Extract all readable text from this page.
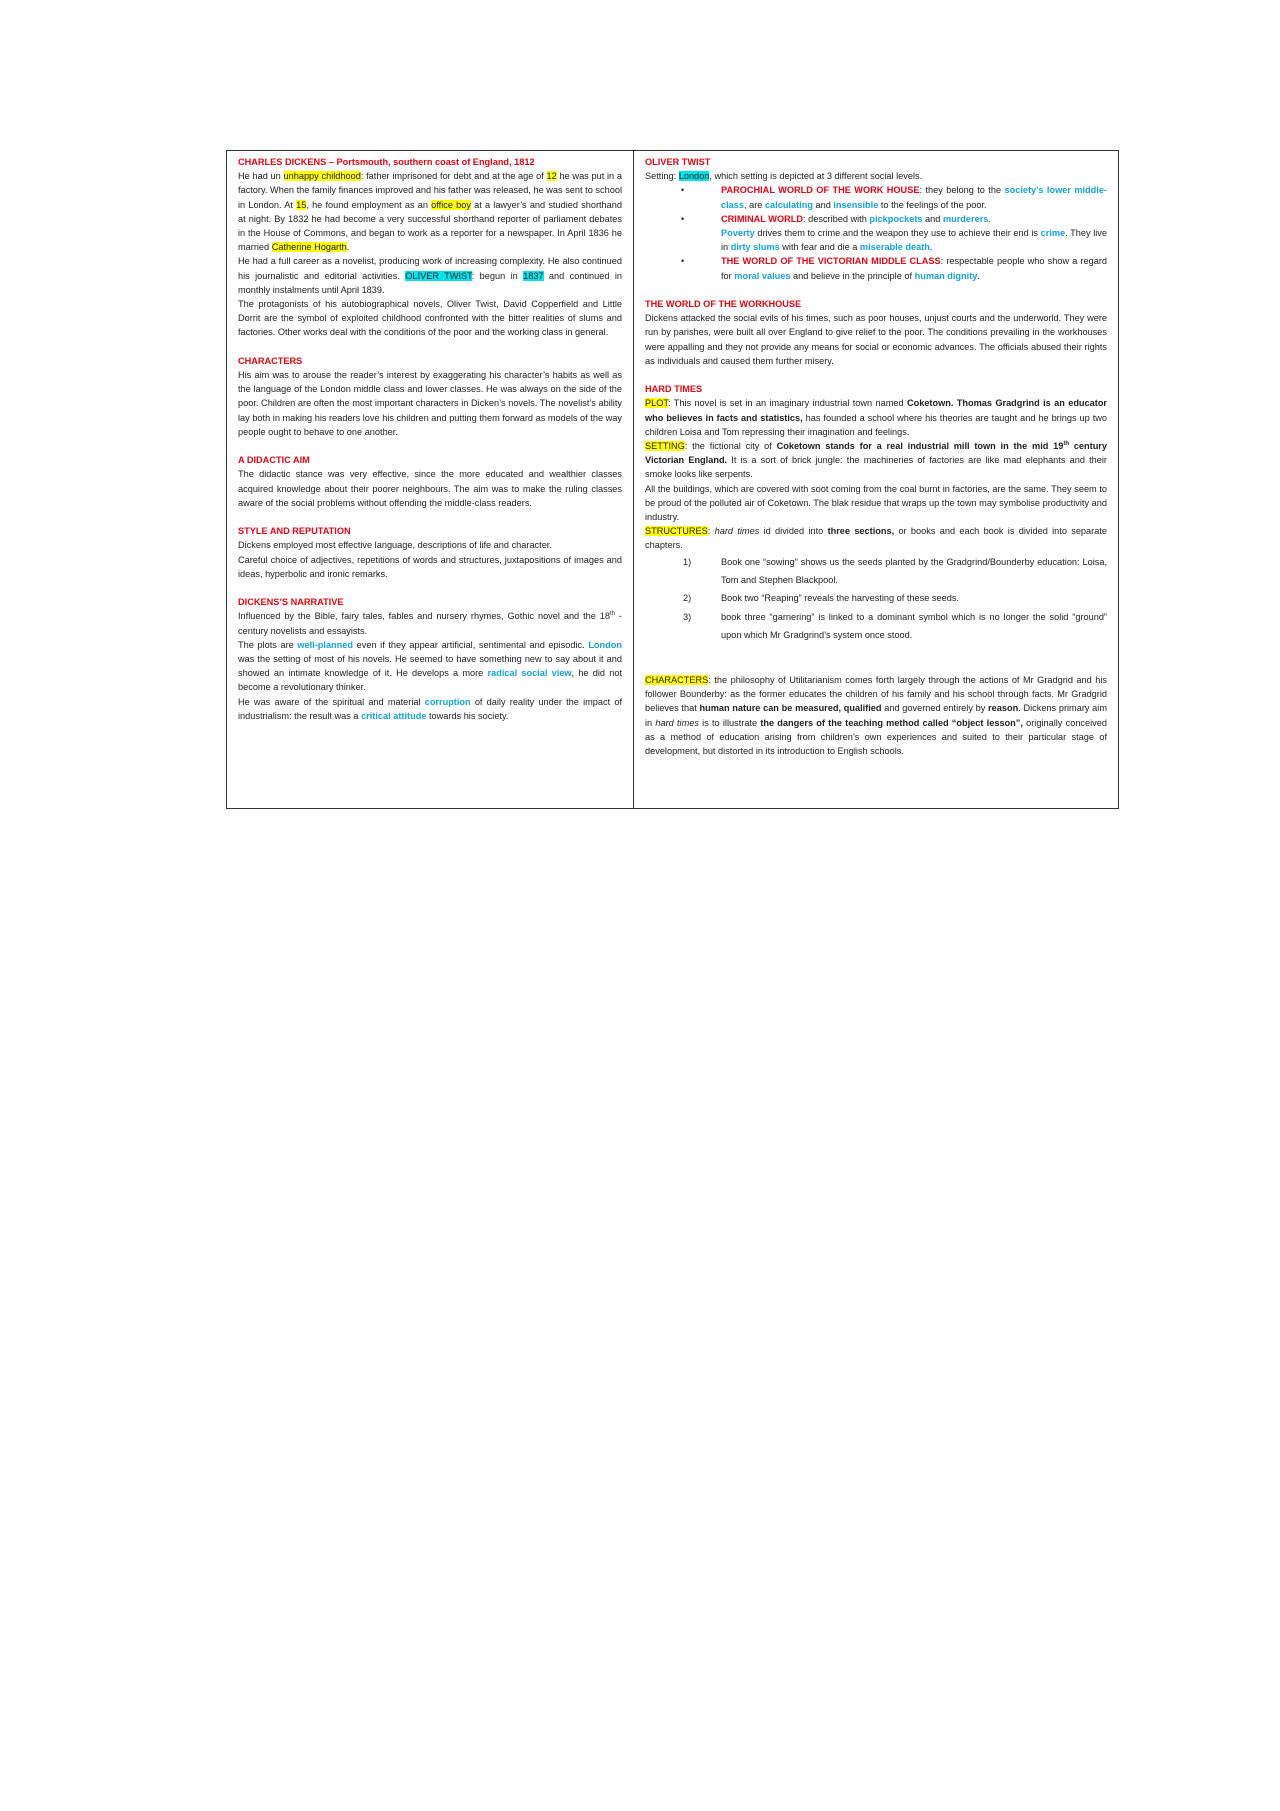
CHARLES DICKENS – Portsmouth, southern coast of England, 1812

He had un unhappy childhood: father imprisoned for debt and at the age of 12 he was put in a factory. When the family finances improved and his father was released, he was sent to school in London. At 15, he found employment as an office boy at a lawyer’s and studied shorthand at night. By 1832 he had become a very successful shorthand reporter of parliament debates in the House of Commons, and began to work as a reporter for a newspaper. In April 1836 he married Catherine Hogarth.

He had a full career as a novelist, producing work of increasing complexity. He also continued his journalistic and editorial activities. OLIVER TWIST: begun in 1837 and continued in monthly instalments until April 1839.

The protagonists of his autobiographical novels, Oliver Twist, David Copperfield and Little Dorrit are the symbol of exploited childhood confronted with the bitter realities of slums and factories. Other works deal with the conditions of the poor and the working class in general.

CHARACTERS

His aim was to arouse the reader’s interest by exaggerating his character’s habits as well as the language of the London middle class and lower classes. He was always on the side of the poor. Children are often the most important characters in Dicken’s novels. The novelist’s ability lay both in making his readers love his children and putting them forward as models of the way people ought to behave to one another.

A DIDACTIC AIM

The didactic stance was very effective, since the more educated and wealthier classes acquired knowledge about their poorer neighbours. The aim was to make the ruling classes aware of the social problems without offending the middle-class readers.

STYLE AND REPUTATION

Dickens employed most effective language, descriptions of life and character.

Careful choice of adjectives, repetitions of words and structures, juxtapositions of images and ideas, hyperbolic and ironic remarks.

DICKENS’S NARRATIVE

Influenced by the Bible, fairy tales, fables and nursery rhymes, Gothic novel and the 18th -century novelists and essayists.

The plots are well-planned even if they appear artificial, sentimental and episodic. London was the setting of most of his novels. He seemed to have something new to say about it and showed an intimate knowledge of it. He develops a more radical social view, he did not become a revolutionary thinker.

He was aware of the spiritual and material corruption of daily reality under the impact of industrialism: the result was a critical attitude towards his society.

OLIVER TWIST

Setting: London, which setting is depicted at 3 different social levels.

•	PAROCHIAL WORLD OF THE WORK HOUSE: they belong to the society’s lower middle-class, are calculating and insensible to the feelings of the poor.
•	CRIMINAL WORLD: described with pickpockets and murderers.
Poverty drives them to crime and the weapon they use to achieve their end is crime. They live in dirty slums with fear and die a miserable death.
•	THE WORLD OF THE VICTORIAN MIDDLE CLASS: respectable people who show a regard for moral values and believe in the principle of human dignity.

THE WORLD OF THE WORKHOUSE

Dickens attacked the social evils of his times, such as poor houses, unjust courts and the underworld. They were run by parishes, were built all over England to give relief to the poor. The conditions prevailing in the workhouses were appalling and they not provide any means for social or economic advances. The officials abused their rights as individuals and caused them further misery.

HARD TIMES

PLOT: This novel is set in an imaginary industrial town named Coketown. Thomas Gradgrind is an educator who believes in facts and statistics, has founded a school where his theories are taught and he brings up two children Loisa and Tom repressing their imagination and feelings.

SETTING: the fictional city of Coketown stands for a real industrial mill town in the mid 19th century Victorian England. It is a sort of brick jungle: the machineries of factories are like mad elephants and their smoke looks like serpents.

All the buildings, which are covered with soot coming from the coal burnt in factories, are the same. They seem to be proud of the polluted air of Coketown. The blak residue that wraps up the town may symbolise productivity and industry.

STRUCTURES: hard times id divided into three sections, or books and each book is divided into separate chapters.

1)	Book one “sowing” shows us the seeds planted by the Gradgrind/Bounderby education: Loisa, Tom and Stephen Blackpool.
2)	Book two “Reaping” reveals the harvesting of these seeds.
3)	book three “garnering” is linked to a dominant symbol which is no longer the solid “ground” upon which Mr Gradgrind’s system once stood.

CHARACTERS: the philosophy of Utilitarianism comes forth largely through the actions of Mr Gradgrid and his follower Bounderby: as the former educates the children of his family and his school through facts. Mr Gradgrid believes that human nature can be measured, qualified and governed entirely by reason. Dickens primary aim in hard times is to illustrate the dangers of the teaching method called “object lesson”, originally conceived as a method of education arising from children’s own experiences and suited to their particular stage of development, but distorted in its introduction to English schools.
